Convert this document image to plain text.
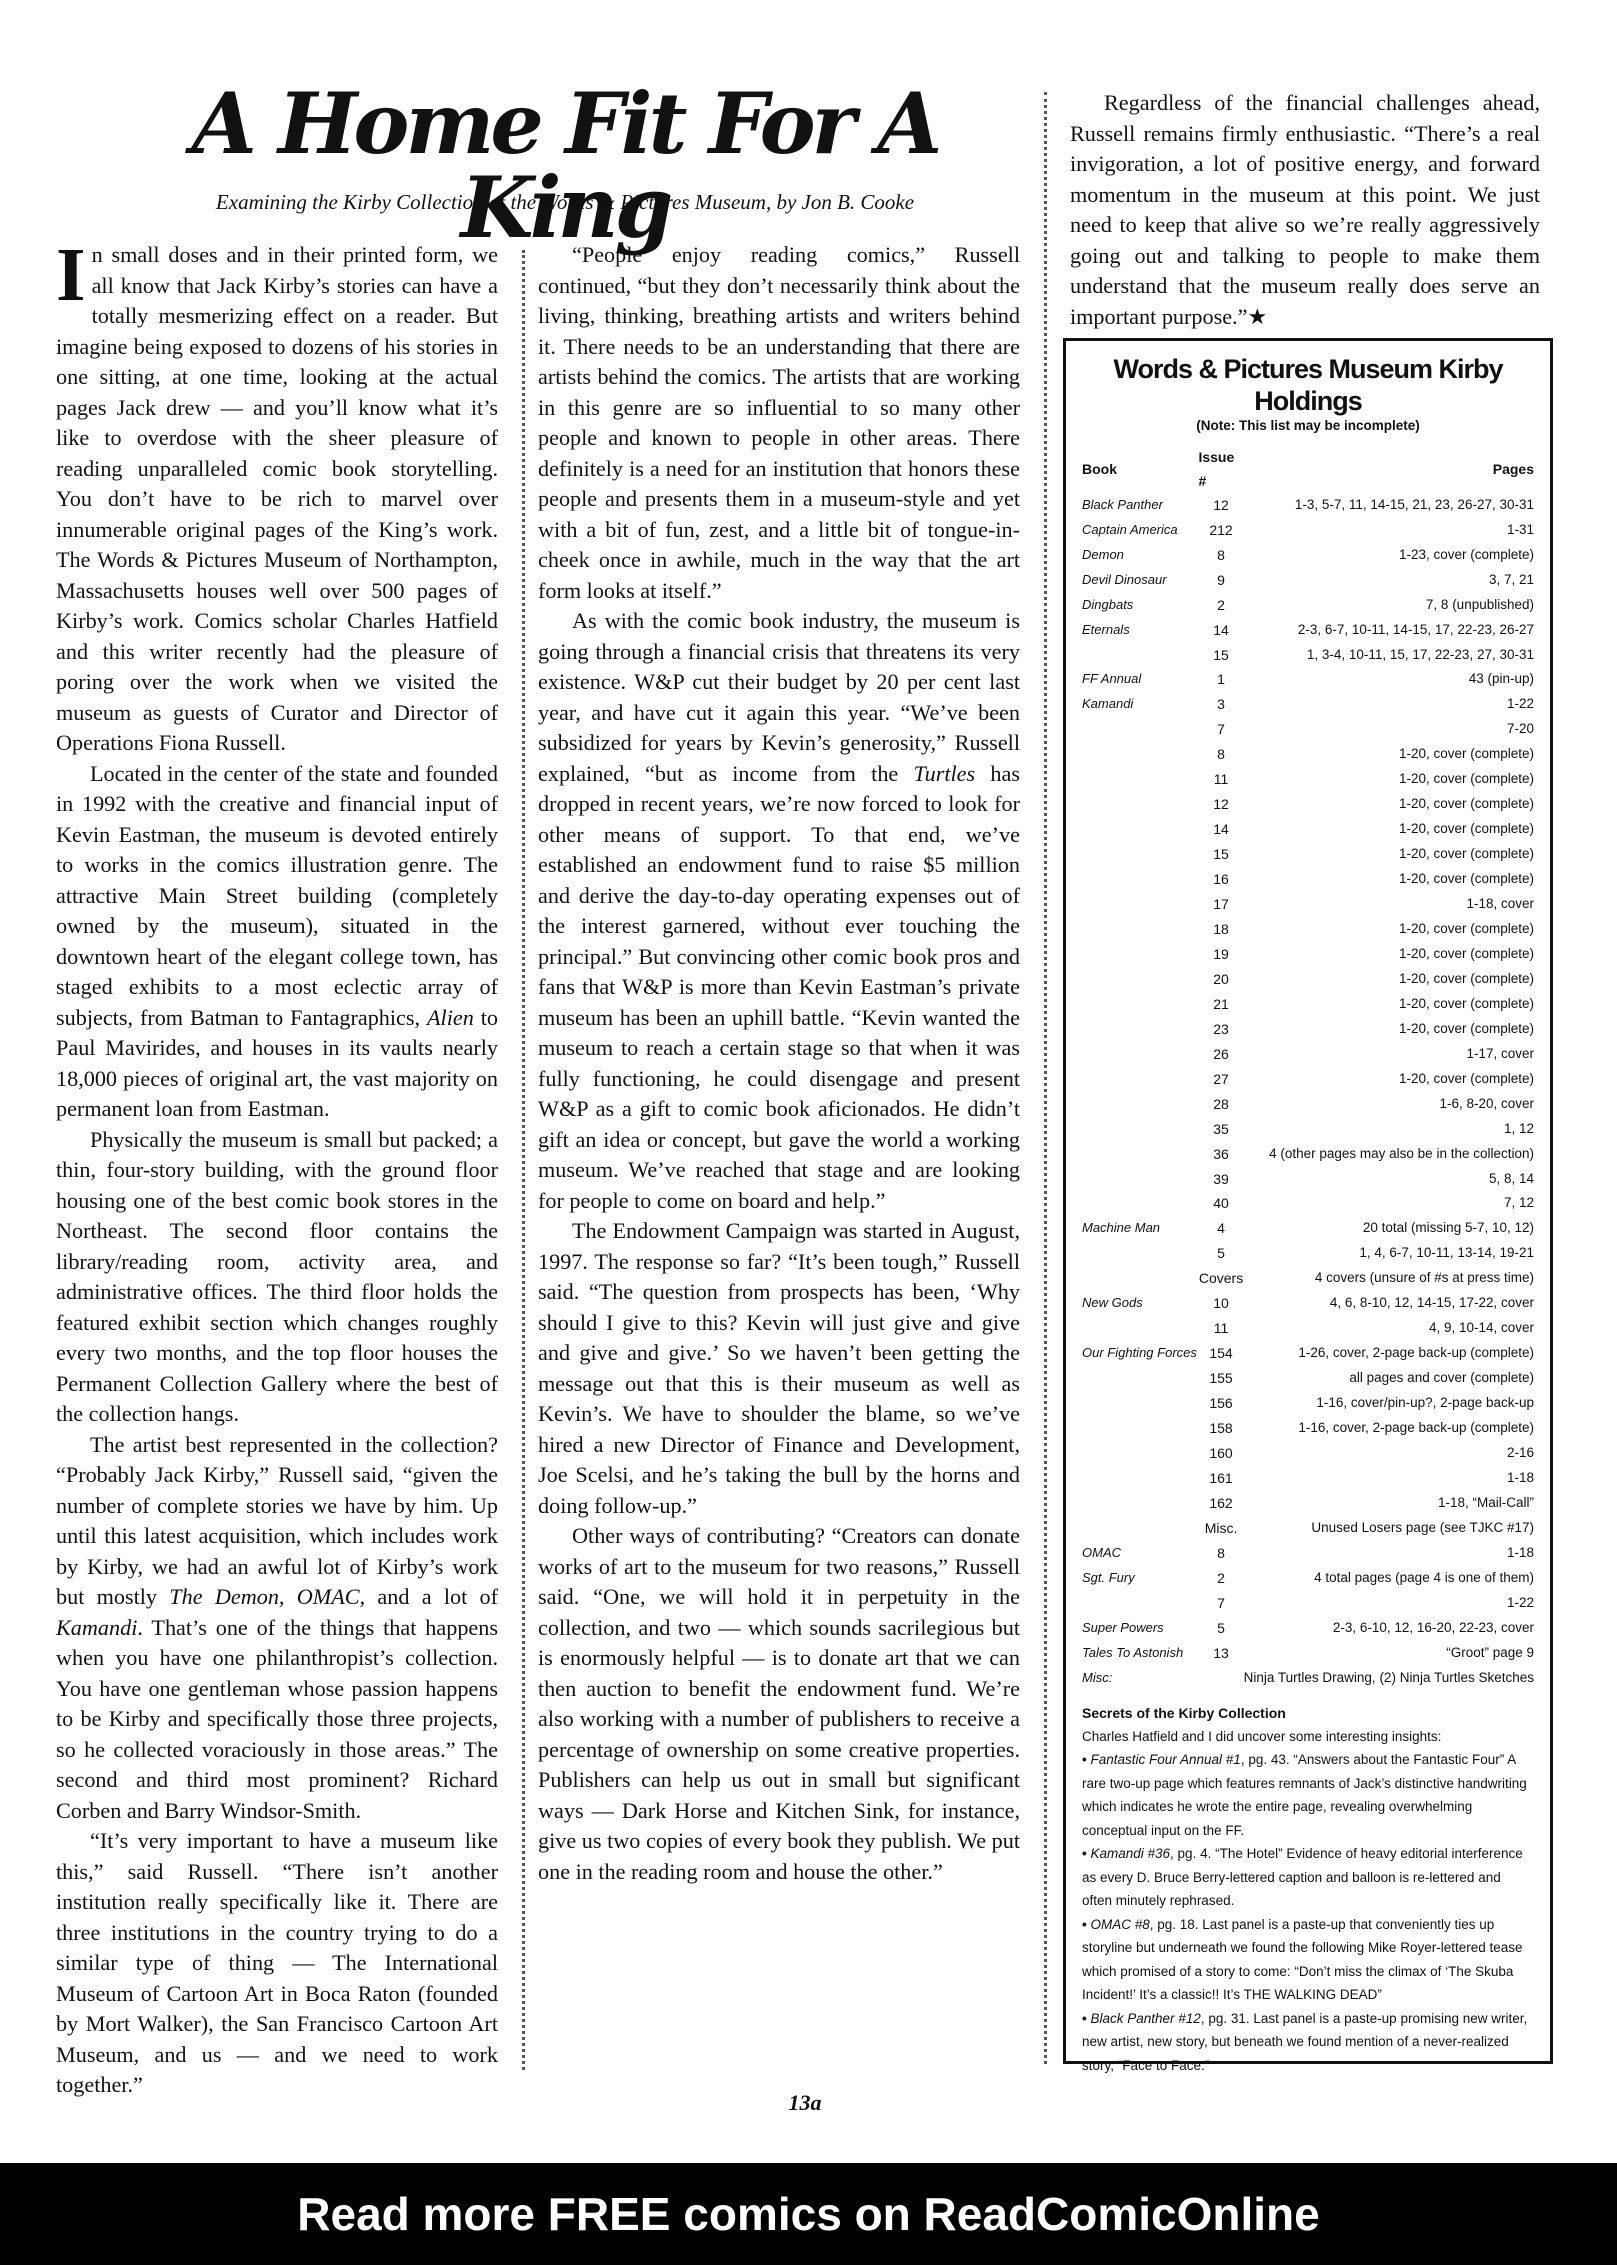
A Home Fit For A King
Examining the Kirby Collection at the Words & Pictures Museum, by Jon B. Cooke

In small doses and in their printed form, we all know that Jack Kirby’s stories can have a totally mesmerizing effect on a reader. But imagine being exposed to dozens of his stories in one sitting, at one time, looking at the actual pages Jack drew — and you’ll know what it’s like to overdose with the sheer pleasure of reading unparalleled comic book storytelling. You don’t have to be rich to marvel over innumerable original pages of the King’s work. The Words & Pictures Museum of Northampton, Massachusetts houses well over 500 pages of Kirby’s work. Comics scholar Charles Hatfield and this writer recently had the pleasure of poring over the work when we visited the museum as guests of Curator and Director of Operations Fiona Russell.

Located in the center of the state and founded in 1992 with the creative and financial input of Kevin Eastman, the museum is devoted entirely to works in the comics illustration genre. The attractive Main Street building (completely owned by the museum), situated in the downtown heart of the elegant college town, has staged exhibits to a most eclectic array of subjects, from Batman to Fantagraphics, Alien to Paul Mavirides, and houses in its vaults nearly 18,000 pieces of original art, the vast majority on permanent loan from Eastman.

Physically the museum is small but packed; a thin, four-story building, with the ground floor housing one of the best comic book stores in the Northeast. The second floor contains the library/reading room, activity area, and administrative offices. The third floor holds the featured exhibit section which changes roughly every two months, and the top floor houses the Permanent Collection Gallery where the best of the collection hangs.

The artist best represented in the collection? “Probably Jack Kirby,” Russell said, “given the number of complete stories we have by him. Up until this latest acquisition, which includes work by Kirby, we had an awful lot of Kirby’s work but mostly The Demon, OMAC, and a lot of Kamandi. That’s one of the things that happens when you have one philanthropist’s collection. You have one gentleman whose passion happens to be Kirby and specifically those three projects, so he collected voraciously in those areas.” The second and third most prominent? Richard Corben and Barry Windsor-Smith.

“It’s very important to have a museum like this,” said Russell. “There isn’t another institution really specifically like it. There are three institutions in the country trying to do a similar type of thing — The International Museum of Cartoon Art in Boca Raton (founded by Mort Walker), the San Francisco Cartoon Art Museum, and us — and we need to work together.”

“People enjoy reading comics,” Russell continued, “but they don’t necessarily think about the living, thinking, breathing artists and writers behind it. There needs to be an understanding that there are artists behind the comics. The artists that are working in this genre are so influential to so many other people and known to people in other areas. There definitely is a need for an institution that honors these people and presents them in a museum-style and yet with a bit of fun, zest, and a little bit of tongue-in-cheek once in awhile, much in the way that the art form looks at itself.”

As with the comic book industry, the museum is going through a financial crisis that threatens its very existence. W&P cut their budget by 20 per cent last year, and have cut it again this year. “We’ve been subsidized for years by Kevin’s generosity,” Russell explained, “but as income from the Turtles has dropped in recent years, we’re now forced to look for other means of support. To that end, we’ve established an endowment fund to raise $5 million and derive the day-to-day operating expenses out of the interest garnered, without ever touching the principal.” But convincing other comic book pros and fans that W&P is more than Kevin Eastman’s private museum has been an uphill battle. “Kevin wanted the museum to reach a certain stage so that when it was fully functioning, he could disengage and present W&P as a gift to comic book aficionados. He didn’t gift an idea or concept, but gave the world a working museum. We’ve reached that stage and are looking for people to come on board and help.”

The Endowment Campaign was started in August, 1997. The response so far? “It’s been tough,” Russell said. “The question from prospects has been, ‘Why should I give to this? Kevin will just give and give and give and give.’ So we haven’t been getting the message out that this is their museum as well as Kevin’s. We have to shoulder the blame, so we’ve hired a new Director of Finance and Development, Joe Scelsi, and he’s taking the bull by the horns and doing follow-up.”

Other ways of contributing? “Creators can donate works of art to the museum for two reasons,” Russell said. “One, we will hold it in perpetuity in the collection, and two — which sounds sacrilegious but is enormously helpful — is to donate art that we can then auction to benefit the endowment fund. We’re also working with a number of publishers to receive a percentage of ownership on some creative properties. Publishers can help us out in small but significant ways — Dark Horse and Kitchen Sink, for instance, give us two copies of every book they publish. We put one in the reading room and house the other.”

Regardless of the financial challenges ahead, Russell remains firmly enthusiastic. “There’s a real invigoration, a lot of positive energy, and forward momentum in the museum at this point. We just need to keep that alive so we’re really aggressively going out and talking to people to make them understand that the museum really does serve an important purpose.”★

Words & Pictures Museum Kirby Holdings
(Note: This list may be incomplete)
Book	Issue #	Pages
Black Panther	12	1-3, 5-7, 11, 14-15, 21, 23, 26-27, 30-31
Captain America	212	1-31
Demon	8	1-23, cover (complete)
Devil Dinosaur	9	3, 7, 21
Dingbats	2	7, 8 (unpublished)
Eternals	14	2-3, 6-7, 10-11, 14-15, 17, 22-23, 26-27
	15	1, 3-4, 10-11, 15, 17, 22-23, 27, 30-31
FF Annual	1	43 (pin-up)
Kamandi	3	1-22
	7	7-20
	8	1-20, cover (complete)
	11	1-20, cover (complete)
	12	1-20, cover (complete)
	14	1-20, cover (complete)
	15	1-20, cover (complete)
	16	1-20, cover (complete)
	17	1-18, cover
	18	1-20, cover (complete)
	19	1-20, cover (complete)
	20	1-20, cover (complete)
	21	1-20, cover (complete)
	23	1-20, cover (complete)
	26	1-17, cover
	27	1-20, cover (complete)
	28	1-6, 8-20, cover
	35	1, 12
	36	4 (other pages may also be in the collection)
	39	5, 8, 14
	40	7, 12
Machine Man	4	20 total (missing 5-7, 10, 12)
	5	1, 4, 6-7, 10-11, 13-14, 19-21
	Covers	4 covers (unsure of #s at press time)
New Gods	10	4, 6, 8-10, 12, 14-15, 17-22, cover
	11	4, 9, 10-14, cover
Our Fighting Forces	154	1-26, cover, 2-page back-up (complete)
	155	all pages and cover (complete)
	156	1-16, cover/pin-up?, 2-page back-up
	158	1-16, cover, 2-page back-up (complete)
	160	2-16
	161	1-18
	162	1-18, “Mail-Call”
	Misc.	Unused Losers page (see TJKC #17)
OMAC	8	1-18
Sgt. Fury	2	4 total pages (page 4 is one of them)
	7	1-22
Super Powers	5	2-3, 6-10, 12, 16-20, 22-23, cover
Tales To Astonish	13	“Groot” page 9
Misc:		Ninja Turtles Drawing, (2) Ninja Turtles Sketches
Secrets of the Kirby Collection
Charles Hatfield and I did uncover some interesting insights:

• Fantastic Four Annual #1, pg. 43. “Answers about the Fantastic Four” A rare two-up page which features remnants of Jack’s distinctive handwriting which indicates he wrote the entire page, revealing overwhelming conceptual input on the FF.

• Kamandi #36, pg. 4. “The Hotel” Evidence of heavy editorial interference as every D. Bruce Berry-lettered caption and balloon is re-lettered and often minutely rephrased.

• OMAC #8, pg. 18. Last panel is a paste-up that conveniently ties up storyline but underneath we found the following Mike Royer-lettered tease which promised of a story to come: “Don’t miss the climax of ‘The Skuba Incident!’ It’s a classic!! It’s THE WALKING DEAD”

• Black Panther #12, pg. 31. Last panel is a paste-up promising new writer, new artist, new story, but beneath we found mention of a never-realized story, “Face to Face.”

13a
Read more FREE comics on ReadComicOnline
